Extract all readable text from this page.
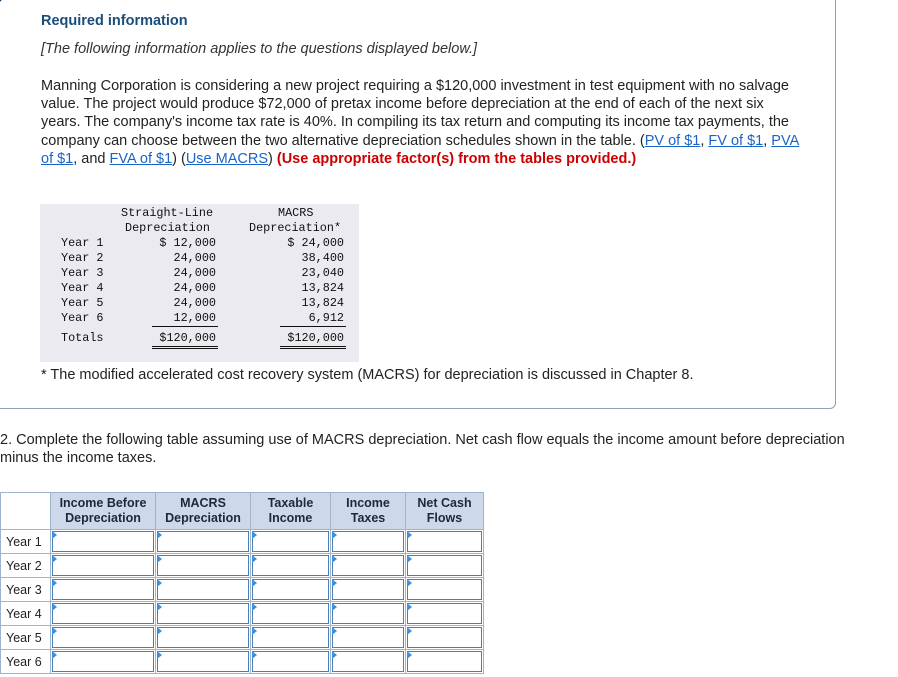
Required information
[The following information applies to the questions displayed below.]
Manning Corporation is considering a new project requiring a $120,000 investment in test equipment with no salvage value. The project would produce $72,000 of pretax income before depreciation at the end of each of the next six years. The company's income tax rate is 40%. In compiling its tax return and computing its income tax payments, the company can choose between the two alternative depreciation schedules shown in the table. (PV of $1, FV of $1, PVA of $1, and FVA of $1) (Use MACRS) (Use appropriate factor(s) from the tables provided.)
Straight-Line
Depreciation
MACRS
Depreciation*
Year 1	$ 12,000	$ 24,000
Year 2	24,000	38,400
Year 3	24,000	23,040
Year 4	24,000	13,824
Year 5	24,000	13,824
Year 6	12,000	6,912
Totals	$120,000	$120,000
* The modified accelerated cost recovery system (MACRS) for depreciation is discussed in Chapter 8.
2. Complete the following table assuming use of MACRS depreciation. Net cash flow equals the income amount before depreciation minus the income taxes.
	Income Before Depreciation	MACRS Depreciation	Taxable Income	Income Taxes	Net Cash Flows
Year 1	

Year 2	

Year 3	

Year 4	

Year 5	

Year 6	
